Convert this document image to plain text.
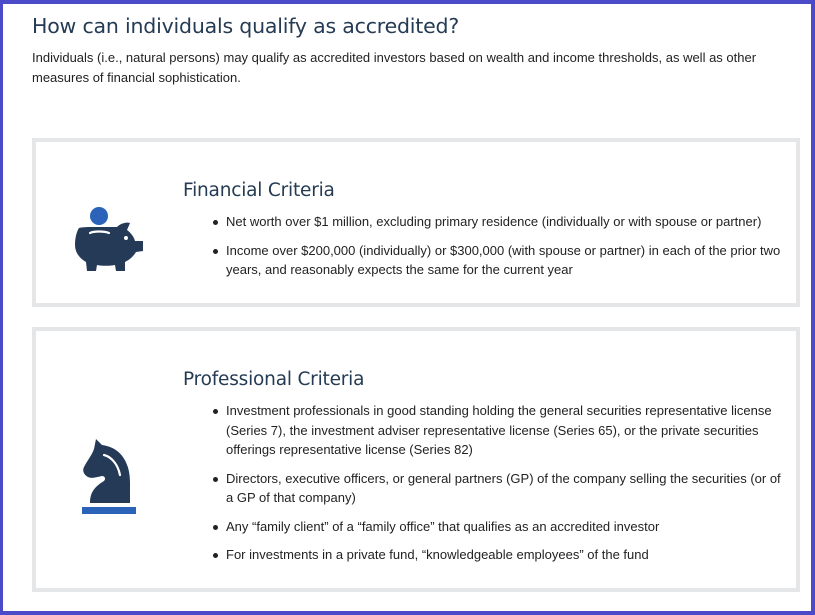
How can individuals qualify as accredited?

Individuals (i.e., natural persons) may qualify as accredited investors based on wealth and income thresholds, as well as other measures of financial sophistication.

Financial Criteria
Net worth over $1 million, excluding primary residence (individually or with spouse or partner)
Income over $200,000 (individually) or $300,000 (with spouse or partner) in each of the prior two years, and reasonably expects the same for the current year
Professional Criteria
Investment professionals in good standing holding the general securities representative license (Series 7), the investment adviser representative license (Series 65), or the private securities offerings representative license (Series 82)
Directors, executive officers, or general partners (GP) of the company selling the securities (or of a GP of that company)
Any “family client” of a “family office” that qualifies as an accredited investor
For investments in a private fund, “knowledgeable employees” of the fund
